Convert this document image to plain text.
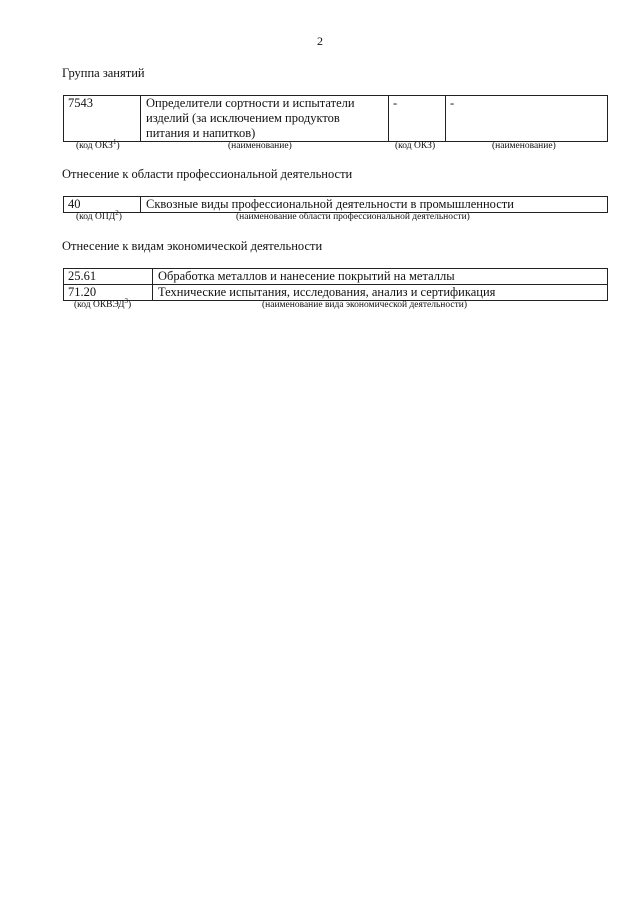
2
Группа занятий
7543	Определители сортности и испытатели изделий (за исключением продуктов питания и напитков)	-	-
(код ОКЗ$^1$)	(наименование)	(код ОКЗ)	(наименование)
Отнесение к области профессиональной деятельности
40	Сквозные виды профессиональной деятельности в промышленности
(код ОПД$^2$)	(наименование области профессиональной деятельности)
Отнесение к видам экономической деятельности
25.61	Обработка металлов и нанесение покрытий на металлы
71.20	Технические испытания, исследования, анализ и сертификация
(код ОКВЭД$^3$)	(наименование вида экономической деятельности)
